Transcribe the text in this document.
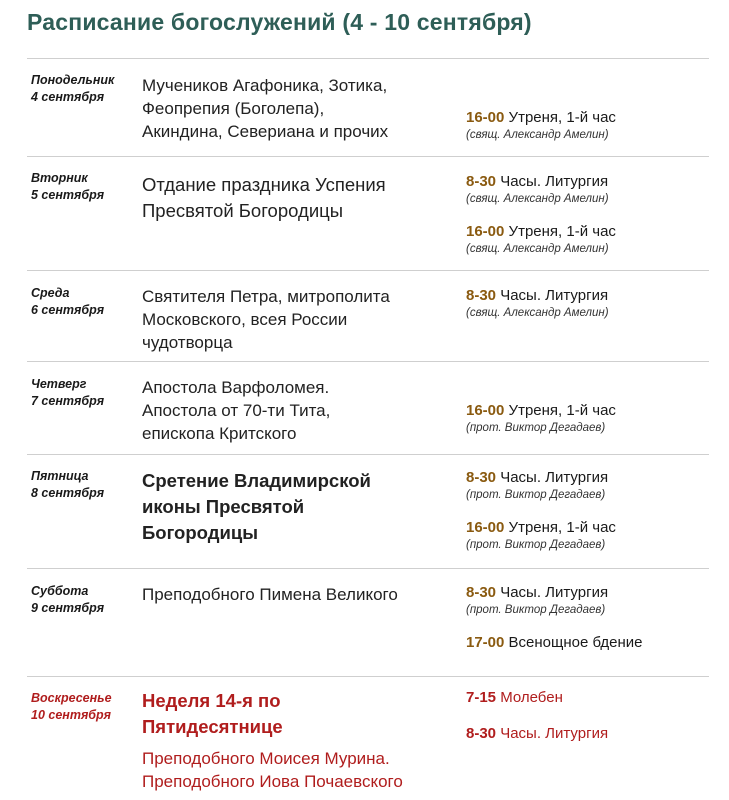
Расписание богослужений (4 - 10 сентября)
Понодельник
4 сентября
Мучеников Агафоника, Зотика,
Феопрепия (Боголепа),
Акиндина, Севериана и прочих
16-00 Утреня, 1-й час
(свящ. Александр Амелин)
Вторник
5 сентября Отдание праздника Успения
Пресвятой Богородицы
8-30 Часы. Литургия
(свящ. Александр Амелин)
16-00 Утреня, 1-й час
(свящ. Александр Амелин)
Среда
6 сентября
Святителя Петра, митрополита
Московского, всея России
чудотворца
8-30 Часы. Литургия
(свящ. Александр Амелин)
Четверг
7 сентября
Апостола Варфоломея.
Апостола от 70-ти Тита,
епископа Критского
16-00 Утреня, 1-й час
(прот. Виктор Дегадаев)
Пятница
8 сентября
Сретение Владимирской
иконы Пресвятой
Богородицы
8-30 Часы. Литургия
(прот. Виктор Дегадаев)
16-00 Утреня, 1-й час
(прот. Виктор Дегадаев)
Суббота
9 сентября
Преподобного Пимена Великого	8-30 Часы. Литургия
(прот. Виктор Дегадаев)
17-00 Всенощное бдение
Воскресенье
10 сентября
Неделя 14-я по
Пятидесятнице
Преподобного Моисея Мурина.
Преподобного Иова Почаевского
7-15 Молебен
8-30 Часы. Литургия
